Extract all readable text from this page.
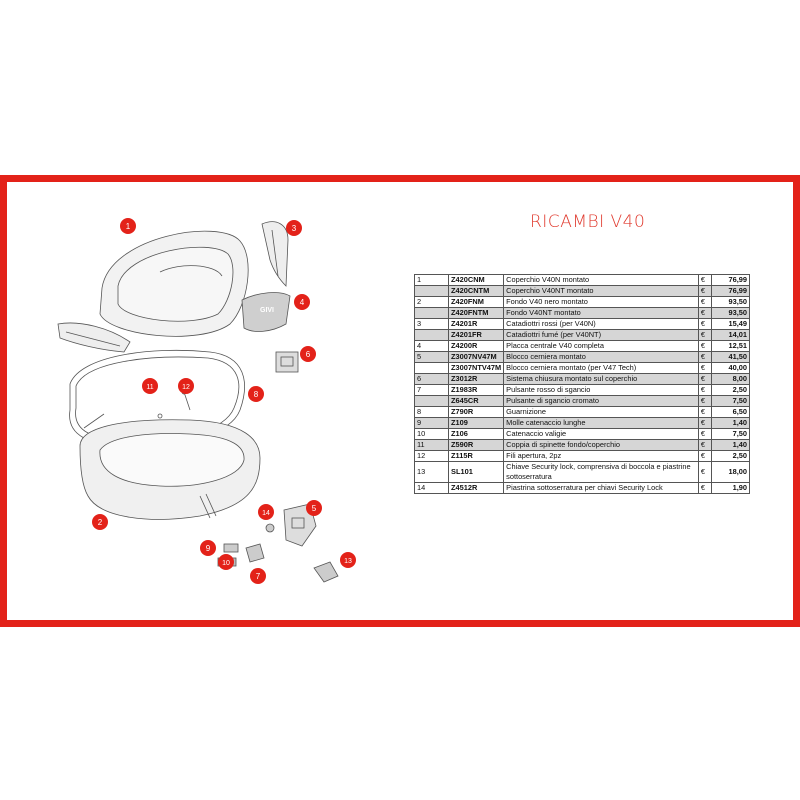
GIVI
1	3
4
6
8
11	12
2
14
5
9
10
7
13
RICAMBI V40
1	Z420CNM	Coperchio V40N montato	€	76,99
	Z420CNTM	Coperchio V40NT montato	€	76,99
2	Z420FNM	Fondo V40 nero montato	€	93,50
	Z420FNTM	Fondo V40NT montato	€	93,50
3	Z4201R	Catadiottri rossi (per V40N)	€	15,49
	Z4201FR	Catadiottri fumé (per V40NT)	€	14,01
4	Z4200R	Placca centrale V40 completa	€	12,51
5	Z3007NV47M	Blocco cerniera montato	€	41,50
	Z3007NTV47M	Blocco cerniera montato (per V47 Tech)	€	40,00
6	Z3012R	Sistema chiusura montato sul coperchio	€	8,00
7	Z1983R	Pulsante rosso di sgancio	€	2,50
	Z645CR	Pulsante di sgancio cromato	€	7,50
8	Z790R	Guarnizione	€	6,50
9	Z109	Molle catenaccio lunghe	€	1,40
10	Z106	Catenaccio valigie	€	7,50
11	Z590R	Coppia di spinette fondo/coperchio	€	1,40
12	Z115R	Fili apertura, 2pz	€	2,50
13	SL101	Chiave Security lock, comprensiva di boccola e piastrine sottoserratura	€	18,00
14	Z4512R	Piastrina sottoserratura per chiavi Security Lock	€	1,90
